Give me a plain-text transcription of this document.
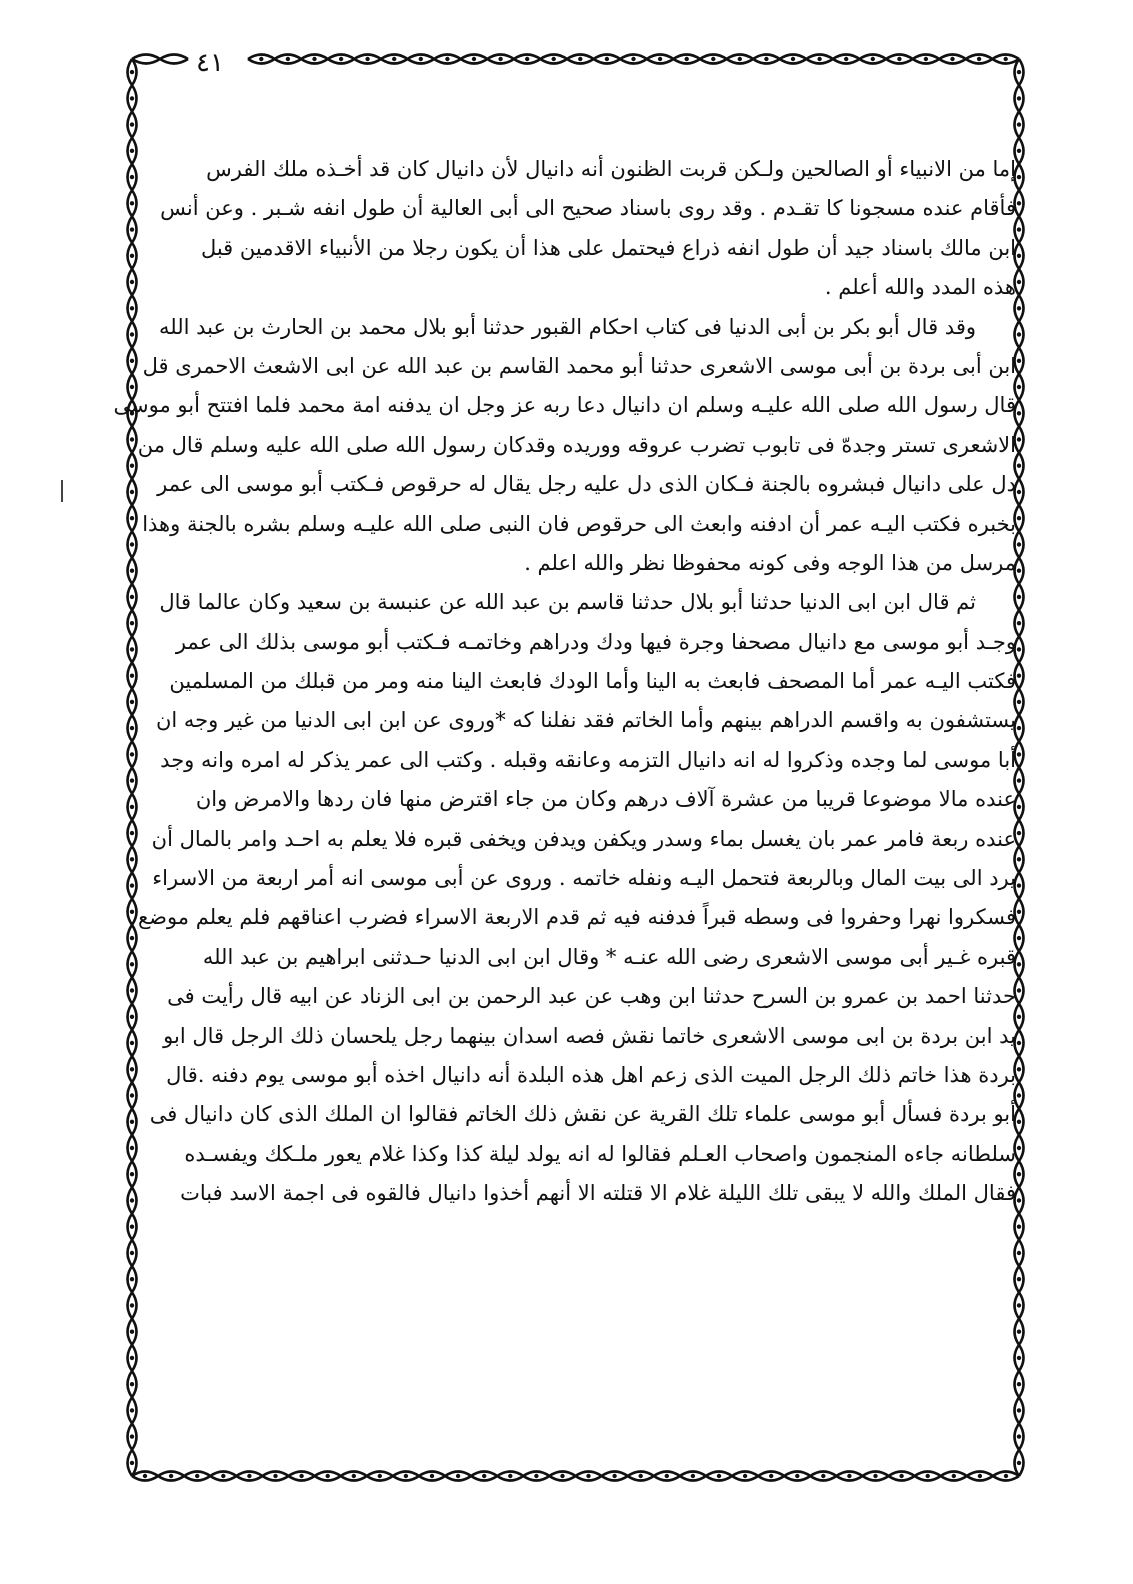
٤١
إما من الانبياء أو الصالحين ولـكن قربت الظنون أنه دانيال لأن دانيال كان قد أخـذه ملك الفرس
فأقام عنده مسجونا كا تقـدم . وقد روى باسناد صحيح الى أبى العالية أن طول انفه شـبر . وعن أنس
ابن مالك باسناد جيد أن طول انفه ذراع فيحتمل على هذا أن يكون رجلا من الأنبياء الاقدمين قبل
هذه المدد والله أعلم .
وقد قال أبو بكر بن أبى الدنيا فى كتاب احكام القبور حدثنا أبو بلال محمد بن الحارث بن عبد الله
ابن أبى بردة بن أبى موسى الاشعرى حدثنا أبو محمد القاسم بن عبد الله عن ابى الاشعث الاحمرى قل
قال رسول الله صلى الله عليـه وسلم ان دانيال دعا ربه عز وجل ان يدفنه امة محمد فلما افتتح أبو موسى
الاشعرى تستر وجدهّ فى تابوب تضرب عروقه ووريده وقدكان رسول الله صلى الله عليه وسلم قال من
دل على دانيال فبشروه بالجنة فـكان الذى دل عليه رجل يقال له حرقوص فـكتب أبو موسى الى عمر
بخبره فكتب اليـه عمر أن ادفنه وابعث الى حرقوص فان النبى صلى الله عليـه وسلم بشره بالجنة وهذا
مرسل من هذا الوجه وفى كونه محفوظا نظر والله اعلم .
ثم قال ابن ابى الدنيا حدثنا أبو بلال حدثنا قاسم بن عبد الله عن عنبسة بن سعيد وكان عالما قال
وجـد أبو موسى مع دانيال مصحفا وجرة فيها ودك ودراهم وخاتمـه فـكتب أبو موسى بذلك الى عمر
فكتب اليـه عمر أما المصحف فابعث به الينا وأما الودك فابعث الينا منه ومر من قبلك من المسلمين
يستشفون به واقسم الدراهم بينهم وأما الخاتم فقد نفلنا كه *وروى عن ابن ابى الدنيا من غير وجه ان
أبا موسى لما وجده وذكروا له انه دانيال التزمه وعانقه وقبله . وكتب الى عمر يذكر له امره وانه وجد
عنده مالا موضوعا قريبا من عشرة آلاف درهم وكان من جاء اقترض منها فان ردها والامرض وان
عنده ربعة فامر عمر بان يغسل بماء وسدر ويكفن ويدفن ويخفى قبره فلا يعلم به احـد وامر بالمال أن
يرد الى بيت المال وبالربعة فتحمل اليـه ونفله خاتمه . وروى عن أبى موسى انه أمر اربعة من الاسراء
فسكروا نهرا وحفروا فى وسطه قبراً فدفنه فيه ثم قدم الاربعة الاسراء فضرب اعناقهم فلم يعلم موضع
قبره غـير أبى موسى الاشعرى رضى الله عنـه * وقال ابن ابى الدنيا حـدثنى ابراهيم بن عبد الله
حدثنا احمد بن عمرو بن السرح حدثنا ابن وهب عن عبد الرحمن بن ابى الزناد عن ابيه قال رأيت فى
يد ابن بردة بن ابى موسى الاشعرى خاتما نقش فصه اسدان بينهما رجل يلحسان ذلك الرجل قال ابو
بردة هذا خاتم ذلك الرجل الميت الذى زعم اهل هذه البلدة أنه دانيال اخذه أبو موسى يوم دفنه .قال
أبو بردة فسأل أبو موسى علماء تلك القرية عن نقش ذلك الخاتم فقالوا ان الملك الذى كان دانيال فى
سلطانه جاءه المنجمون واصحاب العـلم فقالوا له انه يولد ليلة كذا وكذا غلام يعور ملـكك ويفسـده
فقال الملك والله لا يبقى تلك الليلة غلام الا قتلته الا أنهم أخذوا دانيال فالقوه فى اجمة الاسد فبات
